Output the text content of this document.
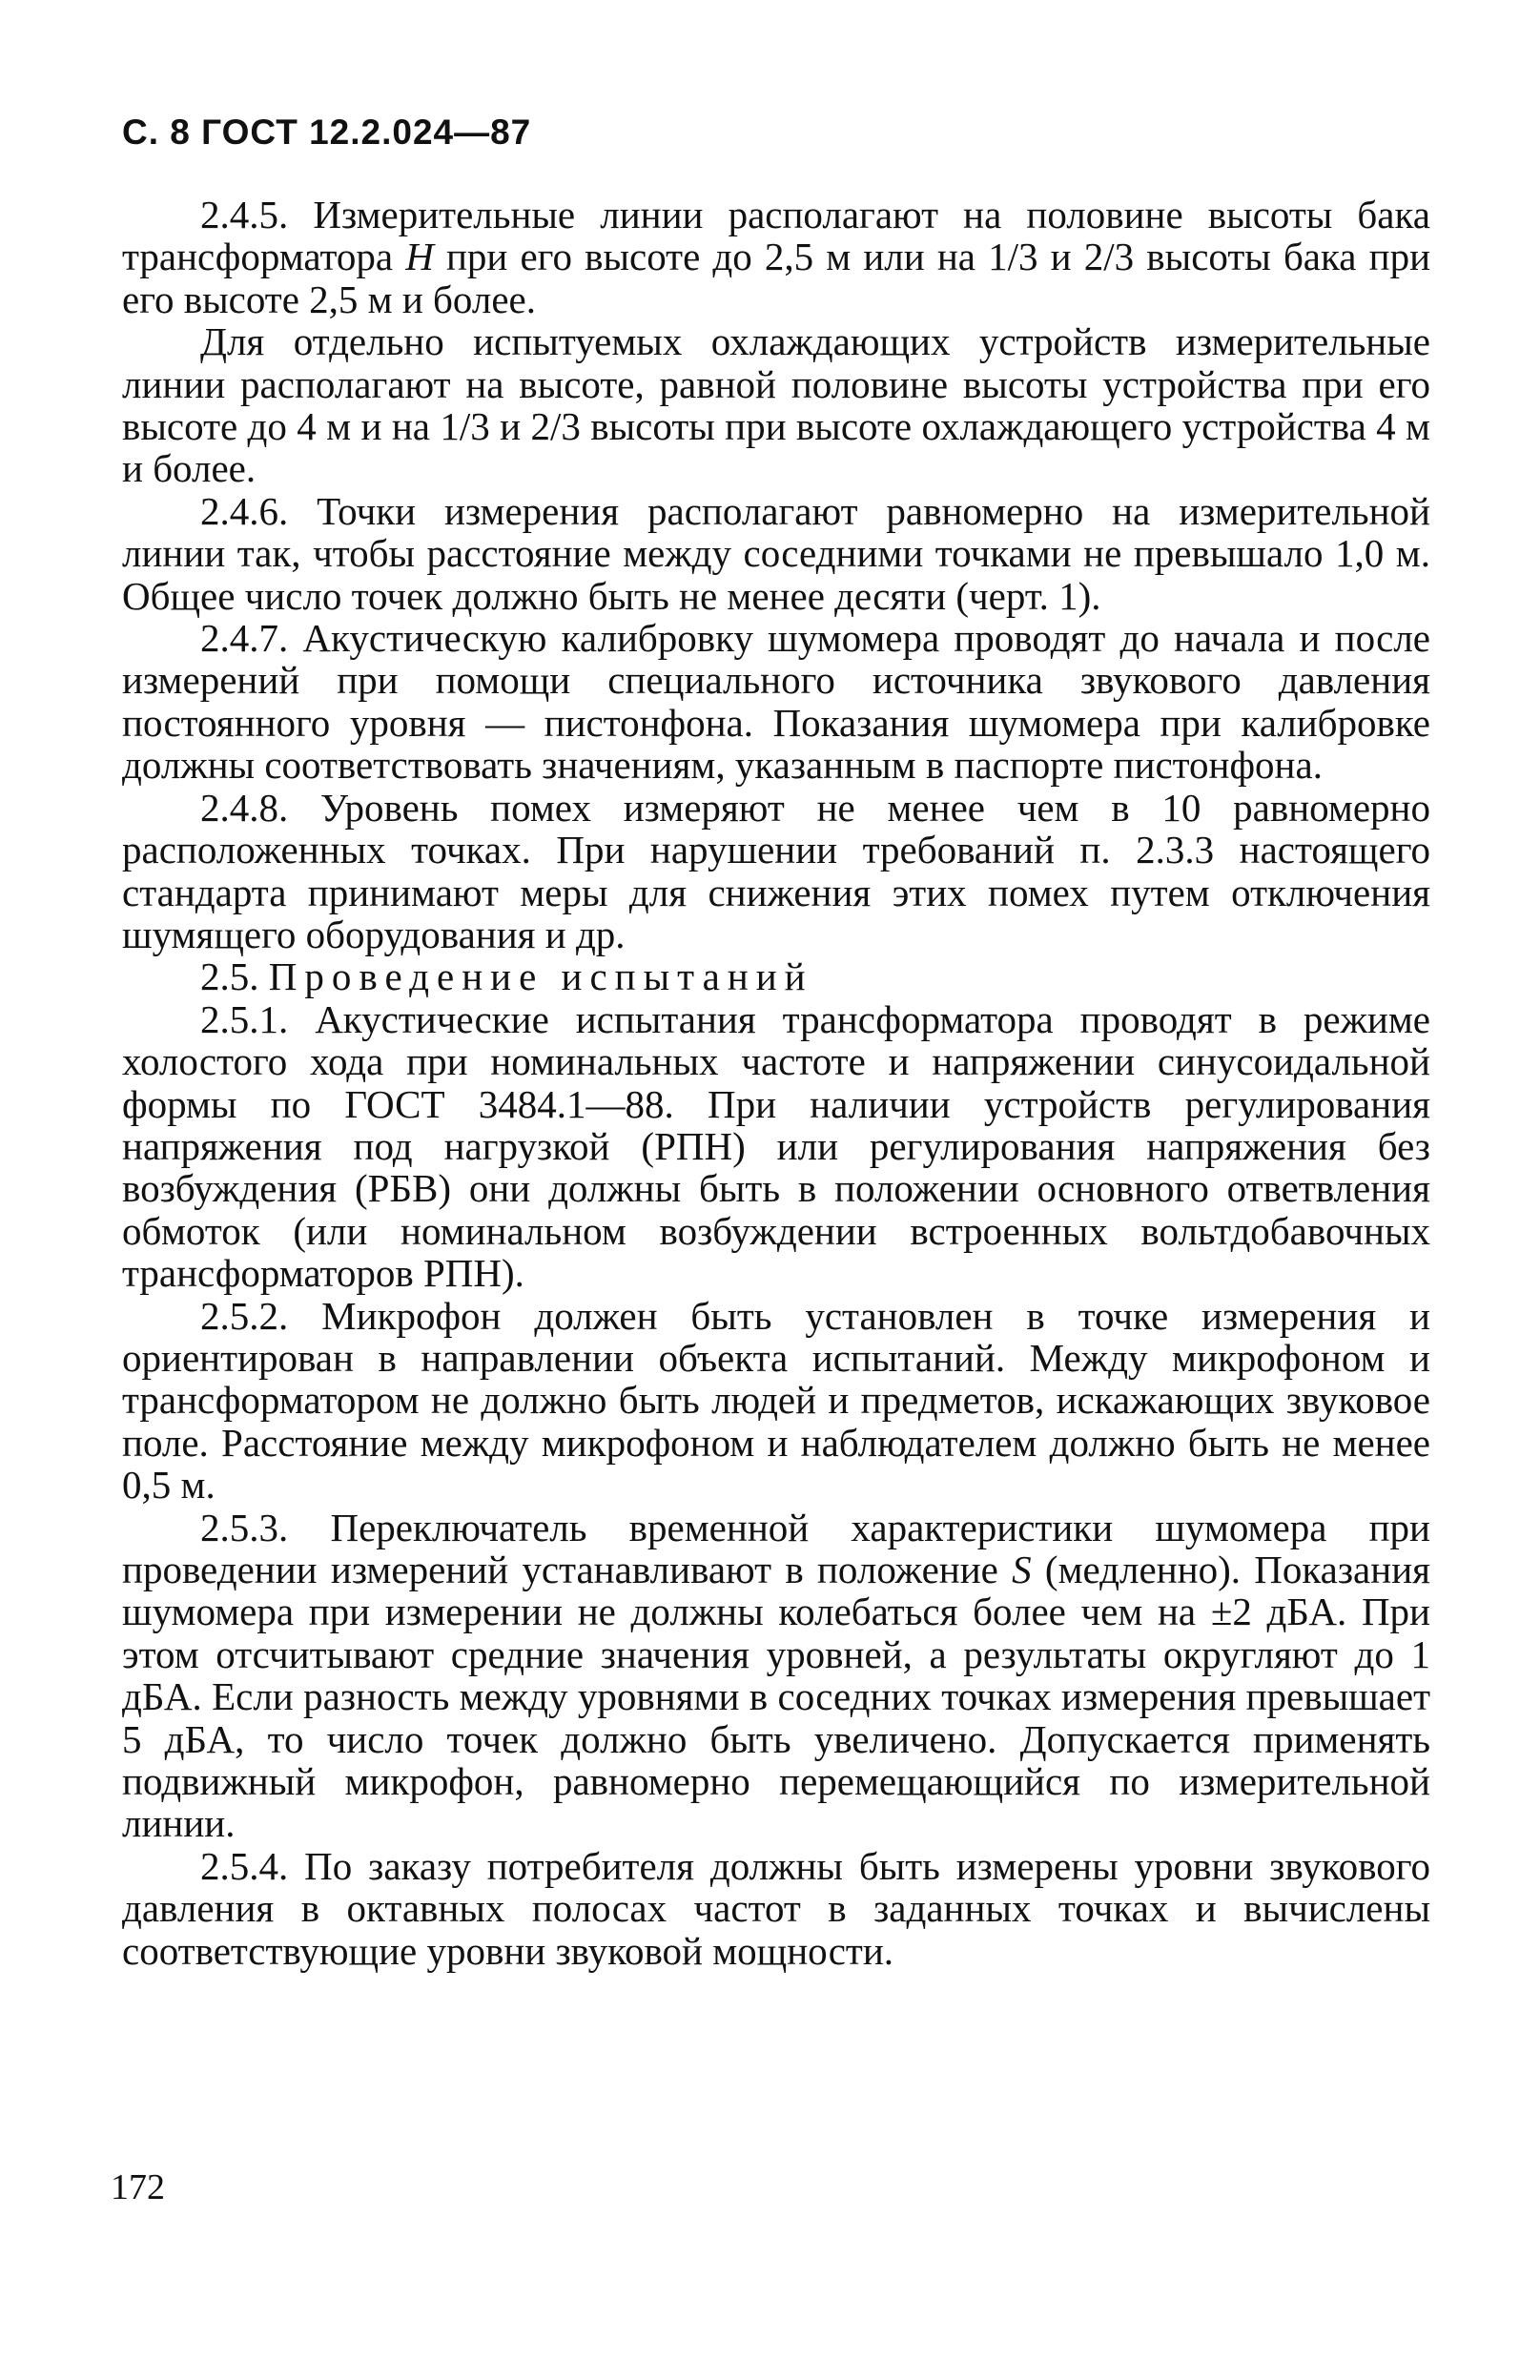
С. 8 ГОСТ 12.2.024—87

2.4.5. Измерительные линии располагают на половине высоты бака трансформатора H при его высоте до 2,5 м или на 1/3 и 2/3 высоты бака при его высоте 2,5 м и более.

Для отдельно испытуемых охлаждающих устройств измерительные линии располагают на высоте, равной половине высоты устройства при его высоте до 4 м и на 1/3 и 2/3 высоты при высоте охлаждающего устройства 4 м и более.

2.4.6. Точки измерения располагают равномерно на измерительной линии так, чтобы расстояние между соседними точками не превышало 1,0 м. Общее число точек должно быть не менее десяти (черт. 1).

2.4.7. Акустическую калибровку шумомера проводят до начала и после измерений при помощи специального источника звукового давления постоянного уровня — пистонфона. Показания шумомера при калибровке должны соответствовать значениям, указанным в паспорте пистонфона.

2.4.8. Уровень помех измеряют не менее чем в 10 равномерно расположенных точках. При нарушении требований п. 2.3.3 настоящего стандарта принимают меры для снижения этих помех путем отключения шумящего оборудования и др.

2.5. Проведение испытаний

2.5.1. Акустические испытания трансформатора проводят в режиме холостого хода при номинальных частоте и напряжении синусоидальной формы по ГОСТ 3484.1—88. При наличии устройств регулирования напряжения под нагрузкой (РПН) или регулирования напряжения без возбуждения (РБВ) они должны быть в положении основного ответвления обмоток (или номинальном возбуждении встроенных вольтдобавочных трансформаторов РПН).

2.5.2. Микрофон должен быть установлен в точке измерения и ориентирован в направлении объекта испытаний. Между микрофоном и трансформатором не должно быть людей и предметов, искажающих звуковое поле. Расстояние между микрофоном и наблюдателем должно быть не менее 0,5 м.

2.5.3. Переключатель временной характеристики шумомера при проведении измерений устанавливают в положение S (медленно). Показания шумомера при измерении не должны колебаться более чем на ±2 дБА. При этом отсчитывают средние значения уровней, а результаты округляют до 1 дБА. Если разность между уровнями в соседних точках измерения превышает 5 дБА, то число точек должно быть увеличено. Допускается применять подвижный микрофон, равномерно перемещающийся по измерительной линии.

2.5.4. По заказу потребителя должны быть измерены уровни звукового давления в октавных полосах частот в заданных точках и вычислены соответствующие уровни звуковой мощности.

172
